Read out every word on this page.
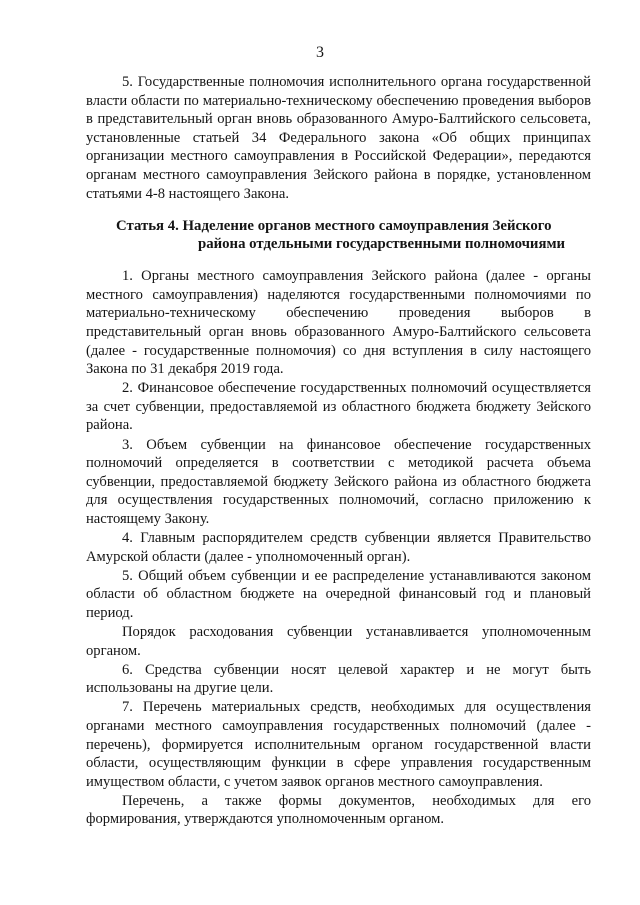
3

5. Государственные полномочия исполнительного органа государственной власти области по материально-техническому обеспечению проведения выборов в представительный орган вновь образованного Амуро-Балтийского сельсовета, установленные статьей 34 Федерального закона «Об общих принципах организации местного самоуправления в Российской Федерации», передаются органам местного самоуправления Зейского района в порядке, установленном статьями 4-8 настоящего Закона.

Статья 4. Наделение органов местного самоуправления Зейского
района отдельными государственными полномочиями

1. Органы местного самоуправления Зейского района (далее - органы местного самоуправления) наделяются государственными полномочиями по материально-техническому обеспечению проведения выборов в представительный орган вновь образованного Амуро-Балтийского сельсовета (далее - государственные полномочия) со дня вступления в силу настоящего Закона по 31 декабря 2019 года.

2. Финансовое обеспечение государственных полномочий осуществляется за счет субвенции, предоставляемой из областного бюджета бюджету Зейского района.

3. Объем субвенции на финансовое обеспечение государственных полномочий определяется в соответствии с методикой расчета объема субвенции, предоставляемой бюджету Зейского района из областного бюджета для осуществления государственных полномочий, согласно приложению к настоящему Закону.

4. Главным распорядителем средств субвенции является Правительство Амурской области (далее - уполномоченный орган).

5. Общий объем субвенции и ее распределение устанавливаются законом области об областном бюджете на очередной финансовый год и плановый период.

Порядок расходования субвенции устанавливается уполномоченным органом.

6. Средства субвенции носят целевой характер и не могут быть использованы на другие цели.

7. Перечень материальных средств, необходимых для осуществления органами местного самоуправления государственных полномочий (далее - перечень), формируется исполнительным органом государственной власти области, осуществляющим функции в сфере управления государственным имуществом области, с учетом заявок органов местного самоуправления.

Перечень, а также формы документов, необходимых для его формирования, утверждаются уполномоченным органом.
